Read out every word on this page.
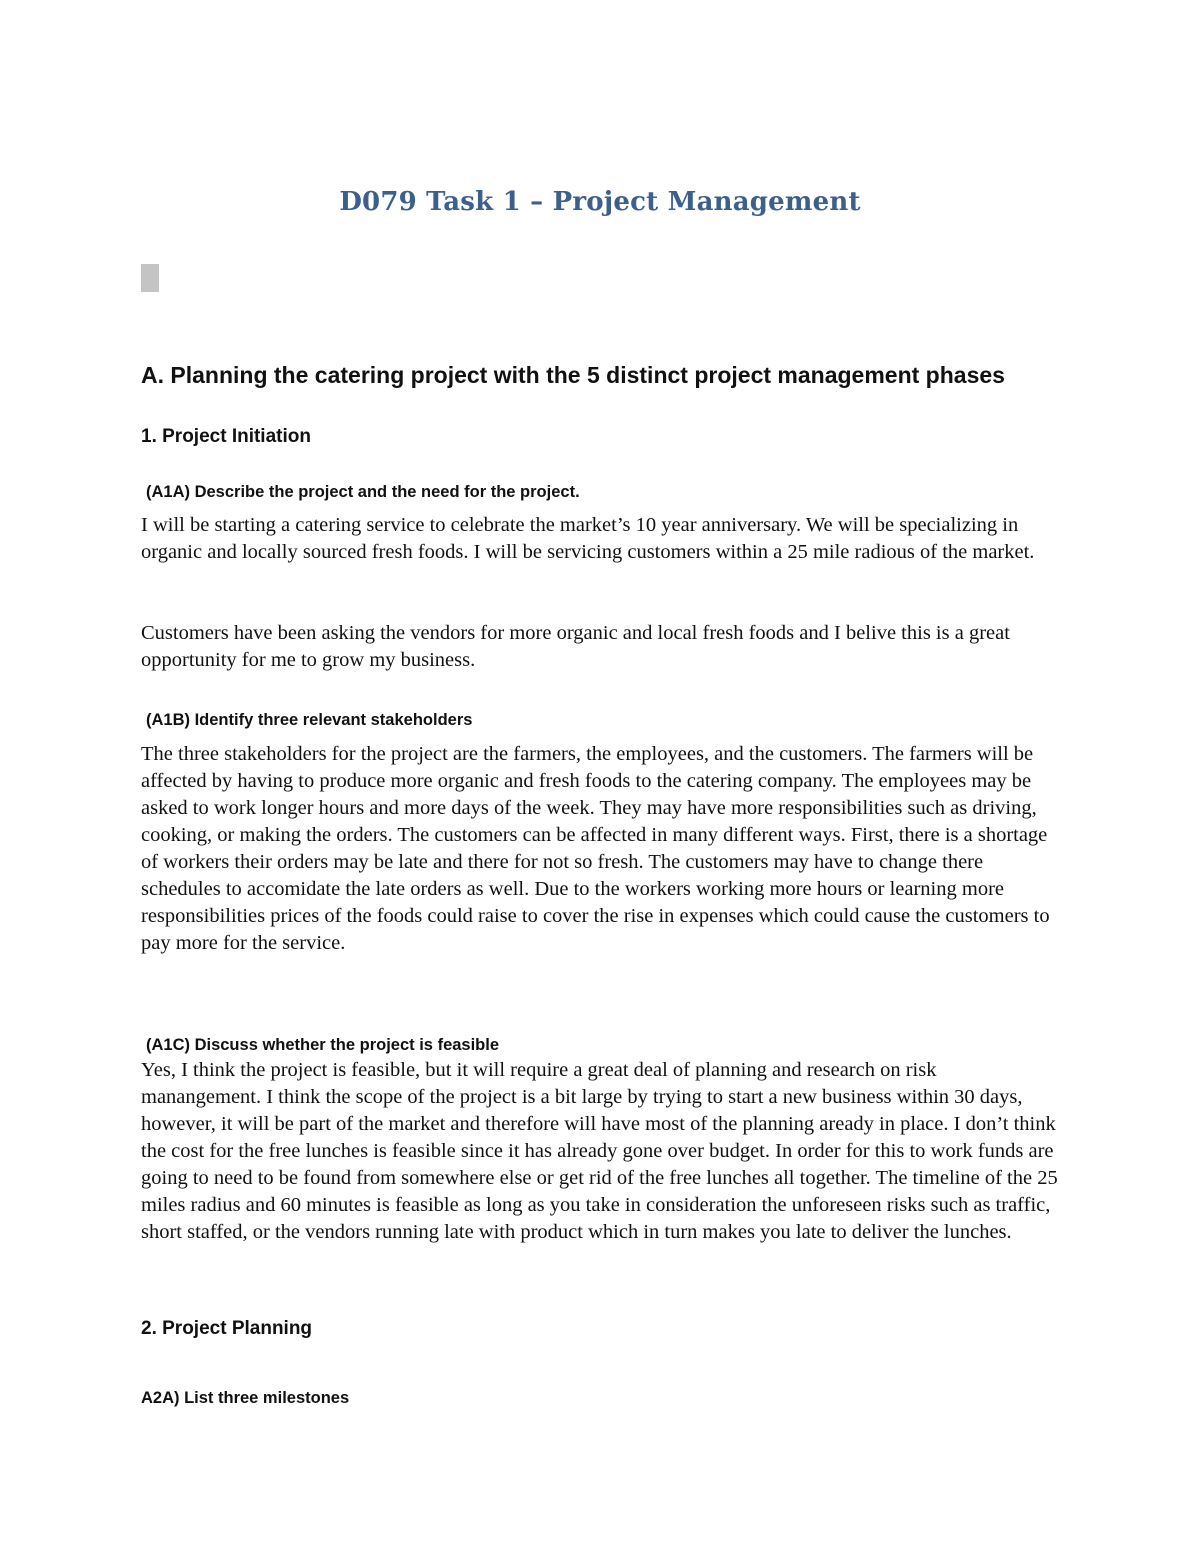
D079 Task 1 – Project Management
A. Planning the catering project with the 5 distinct project management phases
1. Project Initiation
(A1A) Describe the project and the need for the project.

I will be starting a catering service to celebrate the market’s 10 year anniversary. We will be specializing in organic and locally sourced fresh foods. I will be servicing customers within a 25 mile radious of the market.

Customers have been asking the vendors for more organic and local fresh foods and I belive this is a great opportunity for me to grow my business.

(A1B) Identify three relevant stakeholders

The three stakeholders for the project are the farmers, the employees, and the customers. The farmers will be affected by having to produce more organic and fresh foods to the catering company. The employees may be asked to work longer hours and more days of the week. They may have more responsibilities such as driving, cooking, or making the orders. The customers can be affected in many different ways. First, there is a shortage of workers their orders may be late and there for not so fresh. The customers may have to change there schedules to accomidate the late orders as well. Due to the workers working more hours or learning more responsibilities prices of the foods could raise to cover the rise in expenses which could cause the customers to pay more for the service.

(A1C) Discuss whether the project is feasible

Yes, I think the project is feasible, but it will require a great deal of planning and research on risk manangement. I think the scope of the project is a bit large by trying to start a new business within 30 days, however, it will be part of the market and therefore will have most of the planning aready in place. I don’t think the cost for the free lunches is feasible since it has already gone over budget. In order for this to work funds are going to need to be found from somewhere else or get rid of the free lunches all together. The timeline of the 25 miles radius and 60 minutes is feasible as long as you take in consideration the unforeseen risks such as traffic, short staffed, or the vendors running late with product which in turn makes you late to deliver the lunches.

2. Project Planning
A2A) List three milestones
